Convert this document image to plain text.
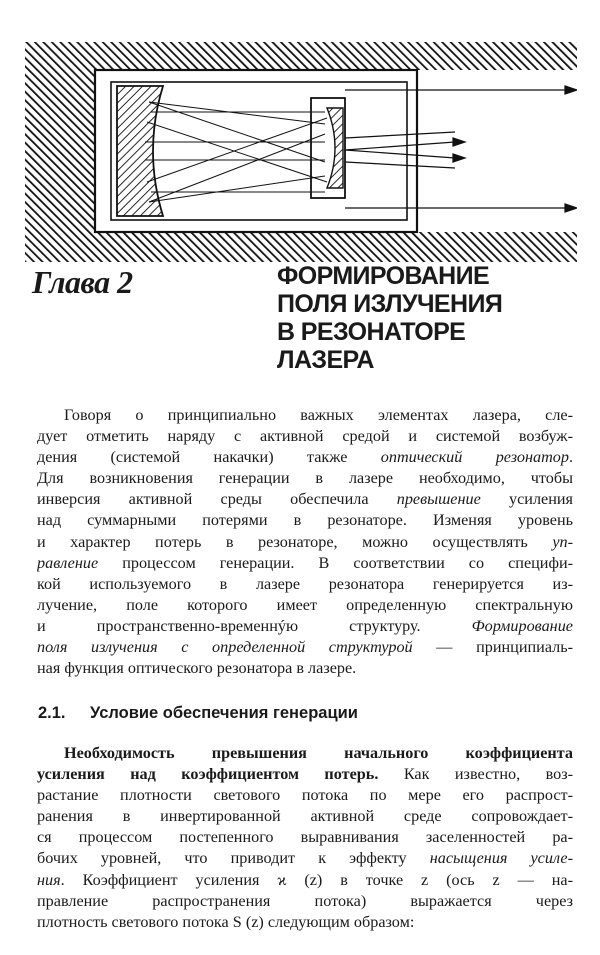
Глава 2	ФОРМИРОВАНИЕ
ПОЛЯ ИЗЛУЧЕНИЯ
В РЕЗОНАТОРЕ
ЛАЗЕРА
Говоря о принципиально важных элементах лазера, сле-
дует отметить наряду с активной средой и системой возбуж-
дения (системой накачки) также оптический резонатор.
Для возникновения генерации в лазере необходимо, чтобы
инверсия активной среды обеспечила превышение усиления
над суммарными потерями в резонаторе. Изменяя уровень
и характер потерь в резонаторе, можно осуществлять уп-
равление процессом генерации. В соответствии со специфи-
кой используемого в лазере резонатора генерируется из-
лучение, поле которого имеет определенную спектральную
и пространственно-временнýю структуру. Формирование
поля излучения с определенной структурой — принципиаль-
ная функция оптического резонатора в лазере.
2.1. Условие обеспечения генерации
Необходимость превышения начального коэффициента
усиления над коэффициентом потерь. Как известно, воз-
растание плотности светового потока по мере его распрост-
ранения в инвертированной активной среде сопровождает-
ся процессом постепенного выравнивания заселенностей ра-
бочих уровней, что приводит к эффекту насыщения усиле-
ния. Коэффициент усиления ϰ (z) в точке z (ось z — на-
правление распространения потока) выражается через
плотность светового потока S (z) следующим образом:
